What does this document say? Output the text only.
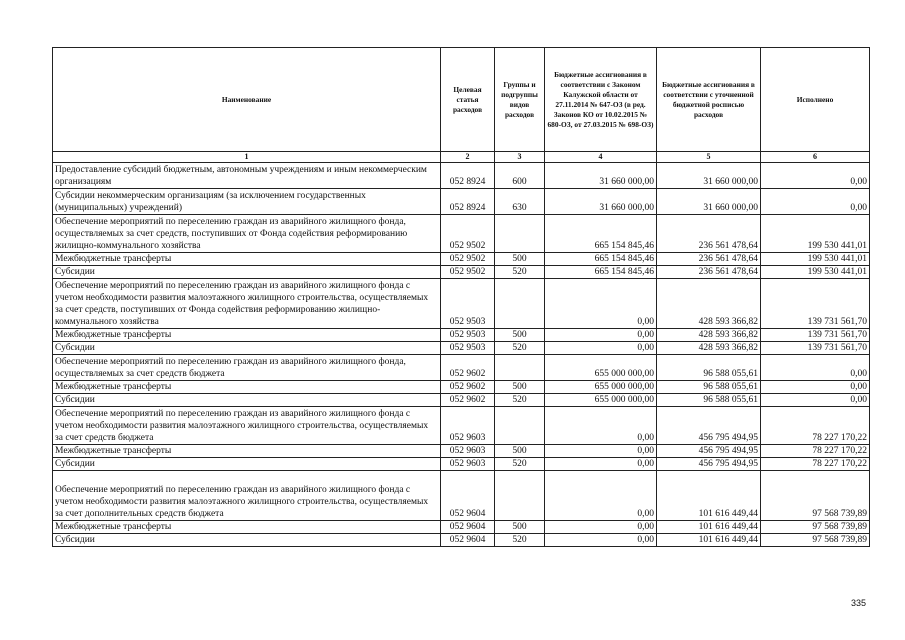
Наименование	Целевая статья расходов	Группы и подгруппы видов расходов	Бюджетные ассигнования в соответствии с Законом Калужской области от 27.11.2014 № 647-ОЗ (в ред. Законов КО от 10.02.2015 № 680-ОЗ, от 27.03.2015 № 698-ОЗ)	Бюджетные ассигнования в соответствии с уточненной бюджетной росписью расходов	Исполнено
1	2	3	4	5	6
Предоставление субсидий бюджетным, автономным учреждениям и иным некоммерческим организациям	052 8924	600	31 660 000,00	31 660 000,00	0,00
Субсидии некоммерческим организациям (за исключением государственных (муниципальных) учреждений)	052 8924	630	31 660 000,00	31 660 000,00	0,00
Обеспечение мероприятий по переселению граждан из аварийного жилищного фонда, осуществляемых за счет средств, поступивших от Фонда содействия реформированию жилищно-коммунального хозяйства	052 9502		665 154 845,46	236 561 478,64	199 530 441,01
Межбюджетные трансферты	052 9502	500	665 154 845,46	236 561 478,64	199 530 441,01
Субсидии	052 9502	520	665 154 845,46	236 561 478,64	199 530 441,01
Обеспечение мероприятий по переселению граждан из аварийного жилищного фонда с учетом необходимости развития малоэтажного жилищного строительства, осуществляемых за счет средств, поступивших от Фонда содействия реформированию жилищно-коммунального хозяйства	052 9503		0,00	428 593 366,82	139 731 561,70
Межбюджетные трансферты	052 9503	500	0,00	428 593 366,82	139 731 561,70
Субсидии	052 9503	520	0,00	428 593 366,82	139 731 561,70
Обеспечение мероприятий по переселению граждан из аварийного жилищного фонда, осуществляемых за счет средств бюджета	052 9602		655 000 000,00	96 588 055,61	0,00
Межбюджетные трансферты	052 9602	500	655 000 000,00	96 588 055,61	0,00
Субсидии	052 9602	520	655 000 000,00	96 588 055,61	0,00
Обеспечение мероприятий по переселению граждан из аварийного жилищного фонда с учетом необходимости развития малоэтажного жилищного строительства, осуществляемых за счет средств бюджета	052 9603		0,00	456 795 494,95	78 227 170,22
Межбюджетные трансферты	052 9603	500	0,00	456 795 494,95	78 227 170,22
Субсидии	052 9603	520	0,00	456 795 494,95	78 227 170,22
Обеспечение мероприятий по переселению граждан из аварийного жилищного фонда с учетом необходимости развития малоэтажного жилищного строительства, осуществляемых за счет дополнительных средств бюджета	052 9604		0,00	101 616 449,44	97 568 739,89
Межбюджетные трансферты	052 9604	500	0,00	101 616 449,44	97 568 739,89
Субсидии	052 9604	520	0,00	101 616 449,44	97 568 739,89
335
